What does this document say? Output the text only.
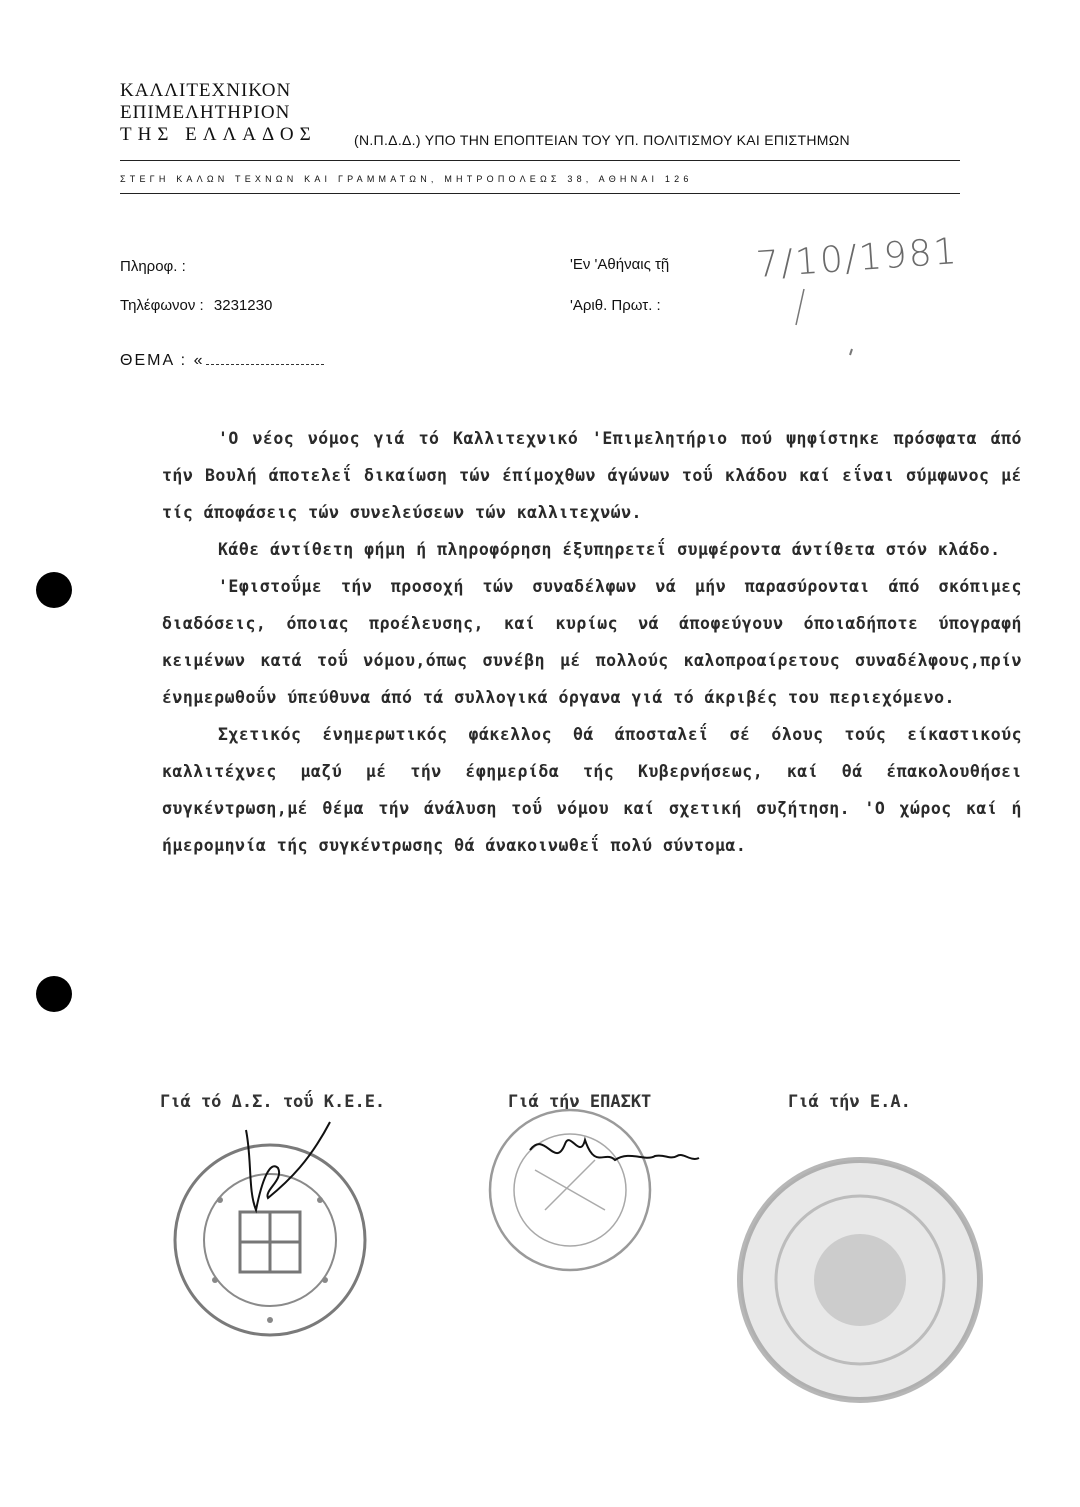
ΚΑΛΛΙΤΕΧΝΙΚΟΝ
ΕΠΙΜΕΛΗΤΗΡΙΟΝ
ΤΗΣ ΕΛΛΑΔΟΣ	(Ν.Π.Δ.Δ.) ΥΠΟ ΤΗΝ ΕΠΟΠΤΕΙΑΝ ΤΟΥ ΥΠ. ΠΟΛΙΤΙΣΜΟΥ ΚΑΙ ΕΠΙΣΤΗΜΩΝ
ΣΤΕΓΗ ΚΑΛΩΝ ΤΕΧΝΩΝ ΚΑΙ ΓΡΑΜΜΑΤΩΝ, ΜΗΤΡΟΠΟΛΕΩΣ 38, ΑΘΗΝΑΙ 126
Πληροφ. :
Τηλέφωνον : 3231230
'Εν 'Αθήναις τῇ
'Αριθ. Πρωτ. :
7/10/1981
ΘΕΜΑ : «

'Ο νέος νόμος γιά τό Καλλιτεχνικό 'Επιμελητήριο πού ψηφίστηκε πρόσφατα άπό τήν Βουλή άποτελεΐ δικαίωση τών έπίμοχθων άγώνων τοΰ κλάδου καί εΐναι σύμφωνος μέ τίς άποφάσεις τών συνελεύσεων τών καλλιτεχνών.

Κάθε άντίθετη φήμη ή πληροφόρηση έξυπηρετεΐ συμφέροντα άντίθετα στόν κλάδο.

'Εφιστοΰμε τήν προσοχή τών συναδέλφων νά μήν παρασύρονται άπό σκόπιμες διαδόσεις, όποιας προέλευσης, καί κυρίως νά άποφεύγουν όποιαδήποτε ύπογραφή κειμένων κατά τοΰ νόμου,όπως συνέβη μέ πολλούς καλοπροαίρετους συναδέλφους,πρίν ένημερωθοΰν ύπεύθυνα άπό τά συλλογικά όργανα γιά τό άκριβές του περιεχόμενο.

Σχετικός ένημερωτικός φάκελλος θά άποσταλεΐ σέ όλους τούς είκαστικούς καλλιτέχνες μαζύ μέ τήν έφημερίδα τής Κυβερνήσεως, καί θά έπακολουθήσει συγκέντρωση,μέ θέμα τήν άνάλυση τοΰ νόμου καί σχετική συζήτηση. 'Ο χώρος καί ή ήμερομηνία τής συγκέντρωσης θά άνακοινωθεΐ πολύ σύντομα.

Γιά τό Δ.Σ. τοΰ Κ.Ε.Ε.	Γιά τήν ΕΠΑΣΚΤ	Γιά τήν Ε.Α.
